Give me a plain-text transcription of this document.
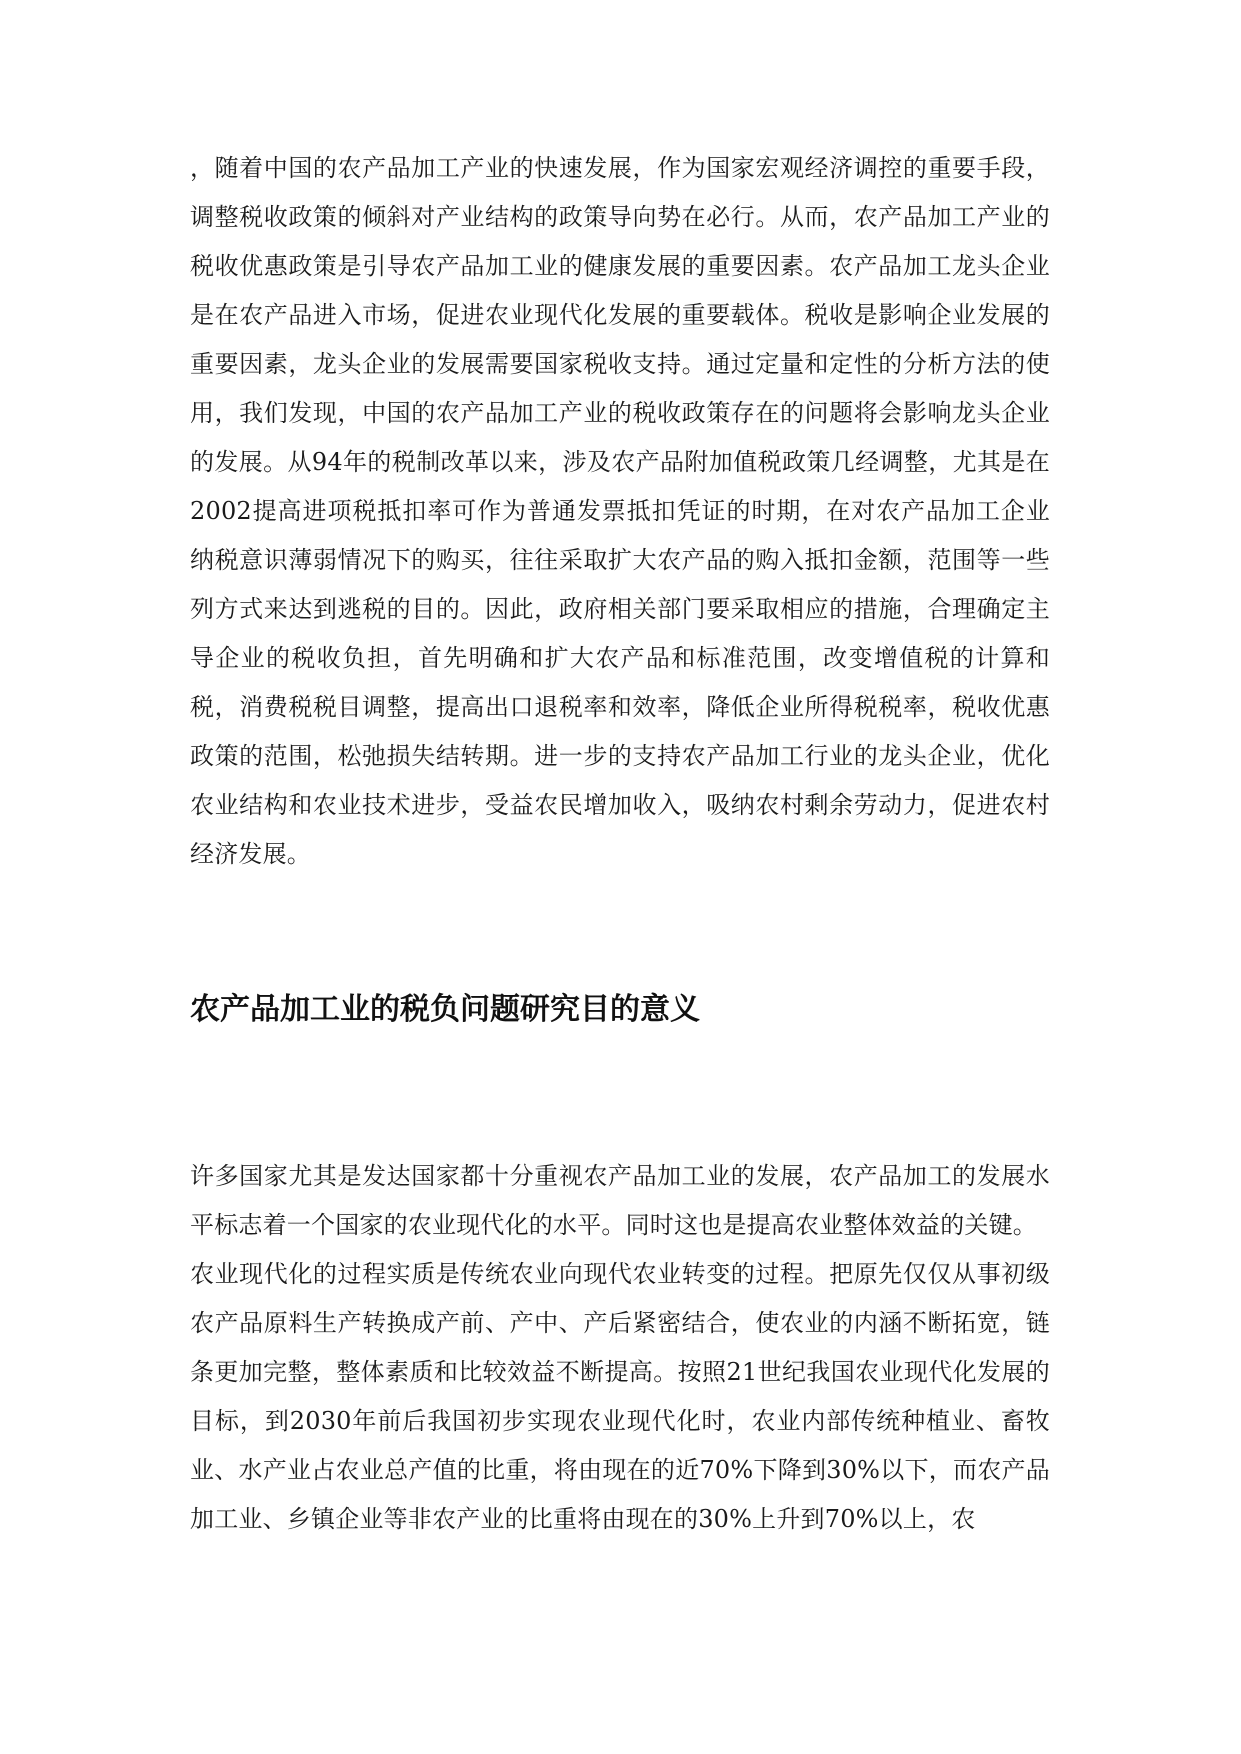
，随着中国的农产品加工产业的快速发展，作为国家宏观经济调控的重要手段，调整税收政策的倾斜对产业结构的政策导向势在必行。从而，农产品加工产业的税收优惠政策是引导农产品加工业的健康发展的重要因素。农产品加工龙头企业是在农产品进入市场，促进农业现代化发展的重要载体。税收是影响企业发展的重要因素，龙头企业的发展需要国家税收支持。通过定量和定性的分析方法的使用，我们发现，中国的农产品加工产业的税收政策存在的问题将会影响龙头企业的发展。从94年的税制改革以来，涉及农产品附加值税政策几经调整，尤其是在2002提高进项税抵扣率可作为普通发票抵扣凭证的时期，在对农产品加工企业纳税意识薄弱情况下的购买，往往采取扩大农产品的购入抵扣金额，范围等一些列方式来达到逃税的目的。因此，政府相关部门要采取相应的措施，合理确定主导企业的税收负担，首先明确和扩大农产品和标准范围，改变增值税的计算和税，消费税税目调整，提高出口退税率和效率，降低企业所得税税率，税收优惠政策的范围，松弛损失结转期。进一步的支持农产品加工行业的龙头企业，优化农业结构和农业技术进步，受益农民增加收入，吸纳农村剩余劳动力，促进农村经济发展。

农产品加工业的税负问题研究目的意义
许多国家尤其是发达国家都十分重视农产品加工业的发展，农产品加工的发展水平标志着一个国家的农业现代化的水平。同时这也是提高农业整体效益的关键。
农业现代化的过程实质是传统农业向现代农业转变的过程。把原先仅仅从事初级农产品原料生产转换成产前、产中、产后紧密结合，使农业的内涵不断拓宽，链条更加完整，整体素质和比较效益不断提高。按照21世纪我国农业现代化发展的目标，到2030年前后我国初步实现农业现代化时，农业内部传统种植业、畜牧业、水产业占农业总产值的比重，将由现在的近70%下降到30%以下，而农产品加工业、乡镇企业等非农产业的比重将由现在的30%上升到70%以上，农
